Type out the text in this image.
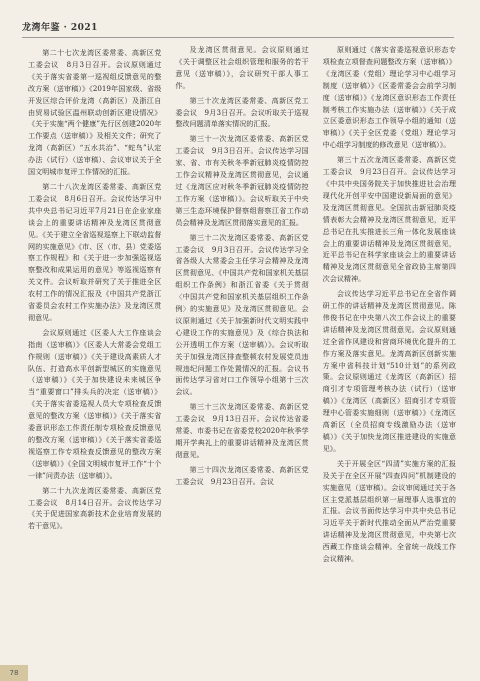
龙湾年鉴 · 2021

第二十七次龙湾区委常委、高新区党工委会议　8月3日召开。会议原则通过《关于落实省委第一巡视组反馈意见的整改方案（送审稿）》《2019年国家级、省级开发区综合评价龙湾（高新区）及浙江自由贸易试验区温州联动创新区建设情况》《关于实施“两个健康”先行区创建2020年工作要点（送审稿）》及相关文件；研究了龙湾（高新区）“五水共治”、“蛇鸟”认定办法（试行）（送审稿）、会议审议关于全国文明城市复评工作情况的汇报。

第二十八次龙湾区委常委、高新区党工委会议　8月6日召开。会议传达学习中共中央总书记习近平7月21日在企业家座谈会上的重要讲话精神及龙湾区贯彻意见。《关于建立全省巡视巡察上下联动监督网的实施意见》《市、区（市、县）党委巡察工作规程》和《关于进一步加强巡视巡察整改和成果运用的意见》等巡视巡察有关文件。会议听取并研究了关于推进全区农村工作的情况汇报及《中国共产党浙江省委员会农村工作实施办法》及龙湾区贯彻意见。

会议原则通过《区委人大工作座谈会指南（送审稿）》《区委人大常委会党组工作规则（送审稿）》《关于建设高素质人才队伍、打造高水平创新型城区的实施意见（送审稿）》《关于加快建设未来城区争当“重要窗口”排头兵的决定（送审稿）》《关于落实省委巡视人员大专项检查反馈意见的整改方案（送审稿）》《关于落实省委意识形态工作责任制专项检查反馈意见的整改方案（送审稿）》《关于落实省委巡视巡察工作专项检查反馈意见的整改方案（送审稿）》《全国文明城市复评工作“十个一律”问责办法（送审稿）》。

第二十九次龙湾区委常委、高新区党工委会议　8月14日召开。会议传达学习《关于促进国家高新技术企业培育发展的若干意见》。

及龙湾区贯彻意见。会议原则通过《关于调整区社会组织管理和服务的若干意见（送审稿）》，会议研究干部人事工作。

第三十次龙湾区委常委、高新区党工委会议　9月3日召开。会议听取关于巡视整改问题清单落实情况的汇报。

第三十一次龙湾区委常委、高新区党工委会议　9月3日召开。会议传达学习国家、省、市有关秋冬季新冠肺炎疫情防控工作会议精神及龙湾区贯彻意见，会议通过《龙湾区应对秋冬季新冠肺炎疫情防控工作方案（送审稿）》。会议听取关于中央第三生态环境保护督察组督察江省工作动员会精神及龙湾区贯彻落实意见的汇报。

第三十二次龙湾区委常委、高新区党工委会议　9月3日召开。会议传达学习全省各级人大常委会主任学习会精神及龙湾区贯彻意见、《中国共产党和国家机关基层组织工作条例》和浙江省委《关于贯彻〈中国共产党和国家机关基层组织工作条例〉的实施意见》及龙湾区贯彻意见。会议原则通过《关于加强新时代文明实践中心建设工作的实施意见》及《综合执法和公开透明工作方案（送审稿）》。会议听取关于加强龙湾区排查整顿农村发展党员违规违纪问题工作处置情况的汇报。会议书面传达学习省对口工作领导小组第十三次会议。

第三十三次龙湾区委常委、高新区党工委会议　9月13日召开。会议传达省委常委、市委书记在省委党校2020年秋季学期开学典礼上的重要讲话精神及龙湾区贯彻意见。

第三十四次龙湾区委常委、高新区党工委会议　9月23日召开。会议

原则通过《落实省委巡视意识形态专项检查立项督查问题整改方案（送审稿）》《龙湾区委（党组）理论学习中心组学习制度（送审稿）》《区委常委会会前学习制度（送审稿）》《龙湾区意识形态工作责任制考核工作实施办法（送审稿）》《关于成立区委意识形态工作领导小组的通知（送审稿）》《关于全区党委（党组）理论学习中心组学习制度的修改意见（送审稿）》。

第三十五次龙湾区委常委、高新区党工委会议　9月23日召开。会议传达学习《中共中央国务院关于加快推进社会治理现代化开创平安中国建设新局面的意见》及龙湾区贯彻意见。全国抗击新冠肺炎疫情表彰大会精神及龙湾区贯彻意见，近平总书记在扎实推进长三角一体化发展座谈会上的重要讲话精神及龙湾区贯彻意见，近平总书记在科学家座谈会上的重要讲话精神及龙湾区贯彻意见全省政协主席第四次会议精神。

会议传达学习近平总书记在全省作调研工作的讲话精神及龙湾区贯彻意见。陈伟俊书记在中央第八次工作会议上的重要讲话精神及龙湾区贯彻意见。会议原则通过全省作风建设和营商环境优化提升的工作方案及落实意见。龙湾高新区创新实施方案中省科技计划“510计划”的系列政策。会议原则通过《龙湾区（高新区）招商引才专项管理考核办法（试行）（送审稿）》《龙湾区（高新区）招商引才专项管理中心管委实施细则（送审稿）》《龙湾区高新区（全员招商专线激励办法（送审稿）》《关于加快龙湾区推进建设的实施意见》。

关于开展全区“四清”实施方案的汇报及关于在全区开展“四查四问”机制建设的实施意见（送审稿）。会议审阅通过关于各区主党派基层组织第一届理事人选事宜的汇报。会议书面传达学习中共中央总书记习近平关于新时代推动全面从严治党重要讲话精神及龙湾区贯彻意见，中央第七次西藏工作座谈会精神。全省统一战线工作会议精神。

78
